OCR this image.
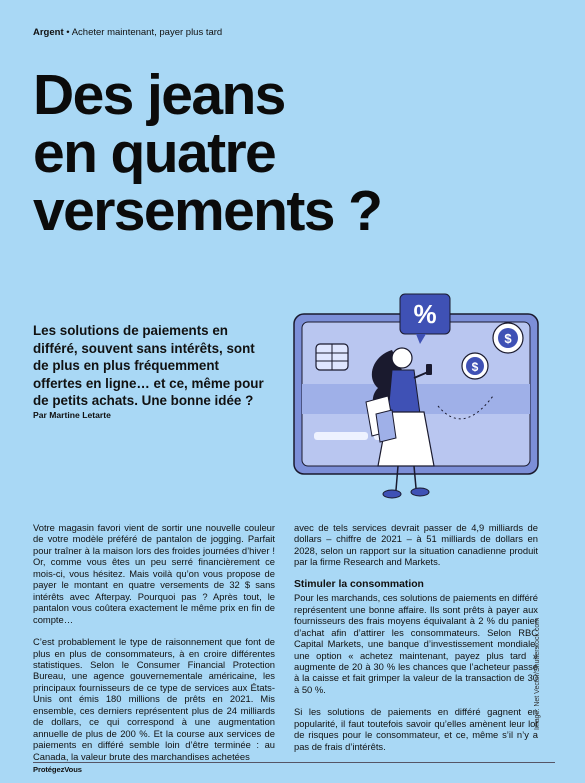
Argent • Acheter maintenant, payer plus tard
Des jeans
en quatre
versements ?

Les solutions de paiements en différé, souvent sans intérêts, sont de plus en plus fréquemment offertes en ligne… et ce, même pour de petits achats. Une bonne idée ?

Par Martine Letarte
%
$
$

Votre magasin favori vient de sortir une nouvelle couleur de votre modèle préféré de pantalon de jogging. Parfait pour traîner à la maison lors des froides journées d’hiver ! Or, comme vous êtes un peu serré financièrement ce mois-ci, vous hésitez. Mais voilà qu’on vous propose de payer le montant en quatre versements de 32 $ sans intérêts avec Afterpay. Pourquoi pas ? Après tout, le pantalon vous coûtera exactement le même prix en fin de compte…

C’est probablement le type de raisonnement que font de plus en plus de consommateurs, à en croire différentes statistiques. Selon le Consumer Financial Protection Bureau, une agence gouvernementale américaine, les principaux fournisseurs de ce type de services aux États-Unis ont émis 180 millions de prêts en 2021. Mis ensemble, ces derniers représentent plus de 24 milliards de dollars, ce qui correspond à une augmentation annuelle de plus de 200 %. Et la course aux services de paiements en différé semble loin d’être terminée : au Canada, la valeur brute des marchandises achetées

avec de tels services devrait passer de 4,9 milliards de dollars – chiffre de 2021 – à 51 milliards de dollars en 2028, selon un rapport sur la situation canadienne produit par la firme Research and Markets.

Stimuler la consommation

Pour les marchands, ces solutions de paiements en différé représentent une bonne affaire. Ils sont prêts à payer aux fournisseurs des frais moyens équivalant à 2 % du panier d’achat afin d’attirer les consommateurs. Selon RBC Capital Markets, une banque d’investissement mondiale, une option « achetez maintenant, payez plus tard » augmente de 20 à 30 % les chances que l’acheteur passe à la caisse et fait grimper la valeur de la transaction de 30 à 50 %.

Si les solutions de paiements en différé gagnent en popularité, il faut toutefois savoir qu’elles amènent leur lot de risques pour le consommateur, et ce, même s’il n’y a pas de frais d’intérêts.

Image: Net Vector/Shutterstock.com
ProtégezVous
